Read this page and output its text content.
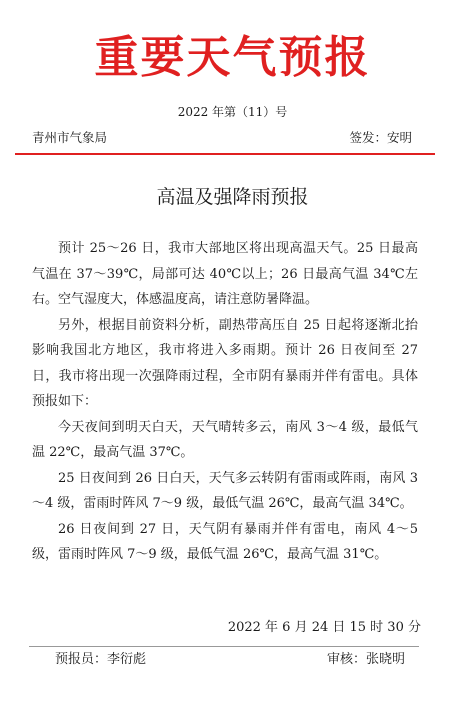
重要天气预报
2022 年第（11）号
青州市气象局	签发：安明
高温及强降雨预报

预计 25～26 日，我市大部地区将出现高温天气。25 日最高气温在 37～39℃，局部可达 40℃以上；26 日最高气温 34℃左右。空气湿度大，体感温度高，请注意防暑降温。

另外，根据目前资料分析，副热带高压自 25 日起将逐渐北抬影响我国北方地区，我市将进入多雨期。预计 26 日夜间至 27 日，我市将出现一次强降雨过程，全市阴有暴雨并伴有雷电。具体预报如下：

今天夜间到明天白天，天气晴转多云，南风 3～4 级，最低气温 22℃，最高气温 37℃。

25 日夜间到 26 日白天，天气多云转阴有雷雨或阵雨，南风 3～4 级，雷雨时阵风 7～9 级，最低气温 26℃，最高气温 34℃。

26 日夜间到 27 日，天气阴有暴雨并伴有雷电，南风 4～5 级，雷雨时阵风 7～9 级，最低气温 26℃，最高气温 31℃。

2022 年 6 月 24 日 15 时 30 分
预报员：李衍彪	审核：张晓明
